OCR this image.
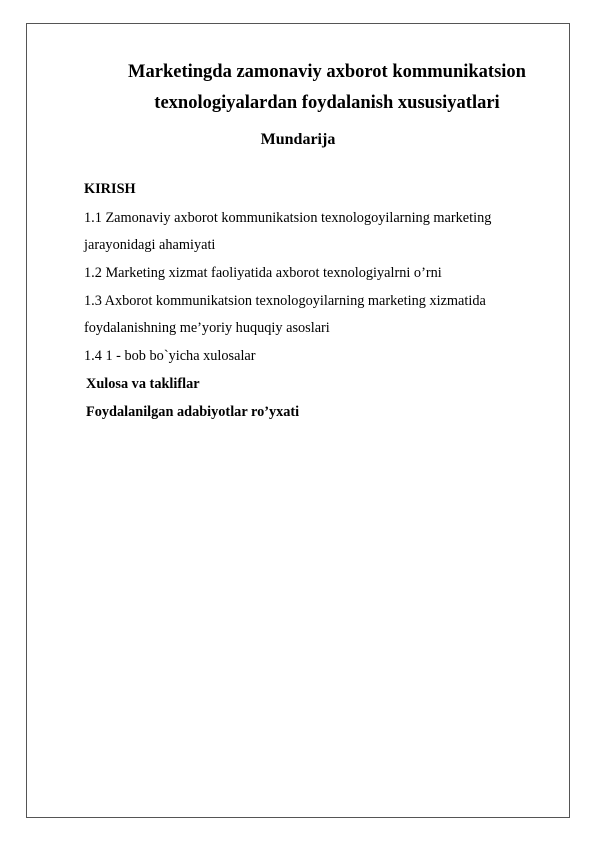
Marketingda zamonaviy axborot kommunikatsion
texnologiyalardan foydalanish xususiyatlari
Mundarija
KIRISH
1.1 Zamonaviy axborot kommunikatsion texnologoyilarning marketing
jarayonidagi ahamiyati
1.2 Marketing xizmat faoliyatida axborot texnologiyalrni o’rni
1.3 Axborot kommunikatsion texnologoyilarning marketing xizmatida
foydalanishning me’yoriy huquqiy asoslari
1.4 1 - bob bo`yicha xulosalar
Xulosa va takliflar
Foydalanilgan adabiyotlar ro’yxati
